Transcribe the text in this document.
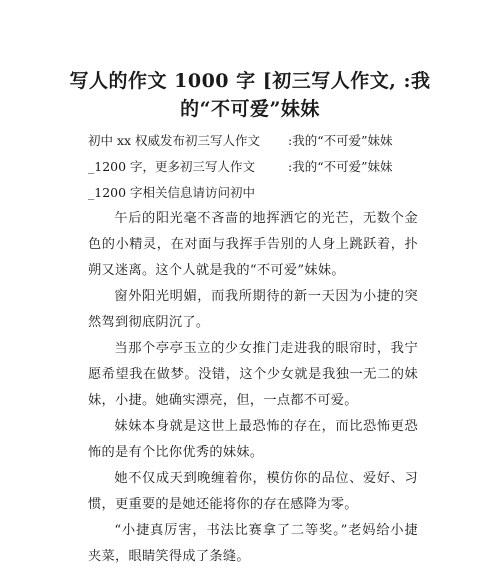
写人的作文 1000 字 [初三写人作文, :我
的“不可爱”妹妹
初中 xx 权威发布初三写人作文 :我的“不可爱”妹妹
_1200 字，更多初三写人作文	:我的“不可爱”妹妹
_1200 字相关信息请访问初中

午后的阳光毫不吝啬的地挥洒它的光芒，无数个金色的小精灵，在对面与我挥手告别的人身上跳跃着，扑朔又迷离。这个人就是我的“不可爱”妹妹。

窗外阳光明媚，而我所期待的新一天因为小捷的突然驾到彻底阴沉了。

当那个亭亭玉立的少女推门走进我的眼帘时，我宁愿希望我在做梦。没错，这个少女就是我独一无二的妹妹，小捷。她确实漂亮，但，一点都不可爱。

妹妹本身就是这世上最恐怖的存在，而比恐怖更恐怖的是有个比你优秀的妹妹。

她不仅成天到晚缠着你，模仿你的品位、爱好、习惯，更重要的是她还能将你的存在感降为零。

“小捷真厉害，书法比赛拿了二等奖。”老妈给小捷夹菜，眼睛笑得成了条缝。
